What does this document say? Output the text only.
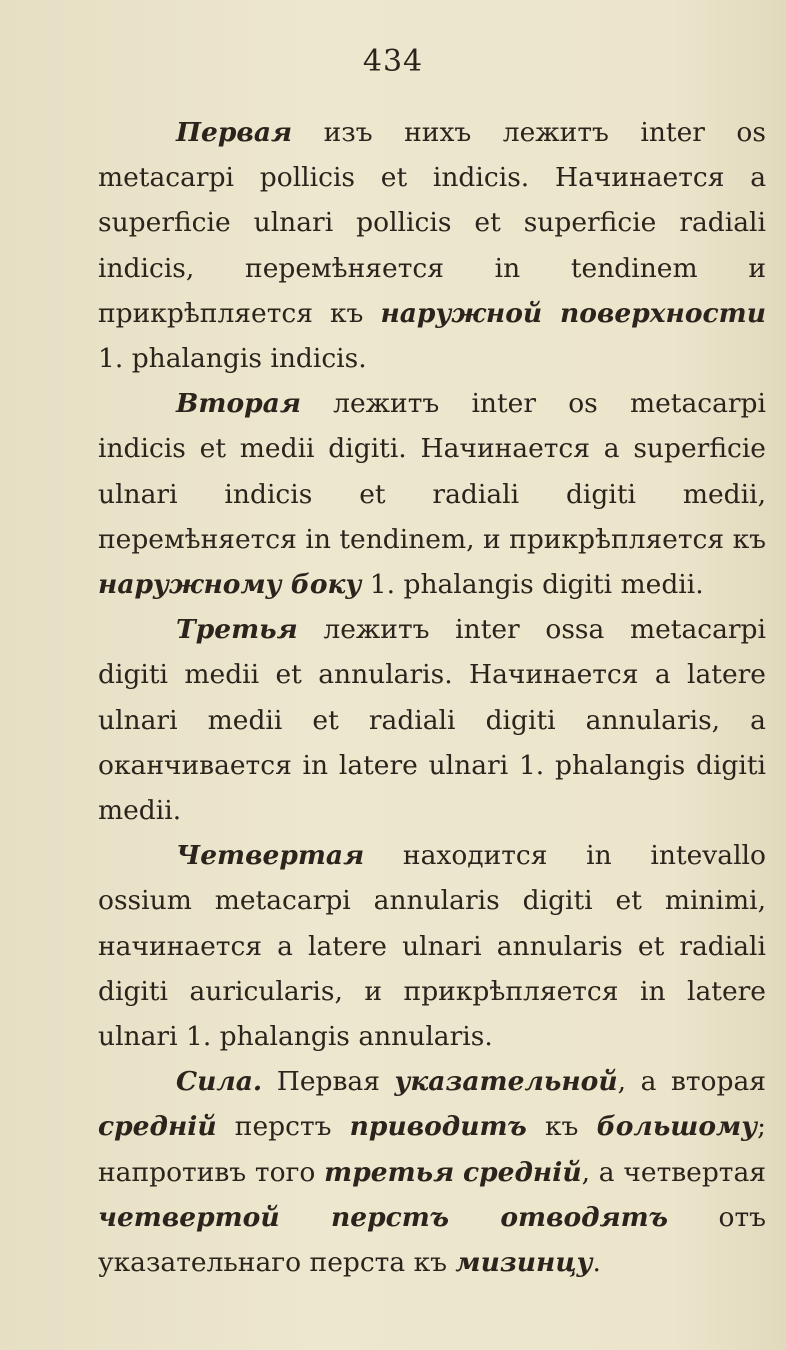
434

Первая изъ нихъ лежитъ inter os metacarpi pollicis et indicis. Начинается a superficie ulnari pollicis et superficie radiali indicis, перемѣняется in tendinem и прикрѣпляется къ наружной поверхности 1. phalangis indicis.

Вторая лежитъ inter os metacarpi indicis et medii digiti. Начинается a superficie ulnari indicis et radiali digiti medii, перемѣняется in tendinem, и прикрѣпляется къ наружному боку 1. phalangis digiti medii.

Третья лежитъ inter ossa metacarpi digiti medii et annularis. Начинается a latere ulnari medii et radiali digiti annularis, а оканчивается in latere ulnari 1. phalangis digiti medii.

Четвертая находится in intevallo ossium metacarpi annularis digiti et minimi, начинается a latere ulnari annularis et radiali digiti auricularis, и прикрѣпляется in latere ulnari 1. phalangis annularis.

Сила. Первая указательной, а вторая средній перстъ приводитъ къ большому; напротивъ того третья средній, а четвертая четвертой перстъ отводятъ отъ указательнаго перста къ мизинцу.
